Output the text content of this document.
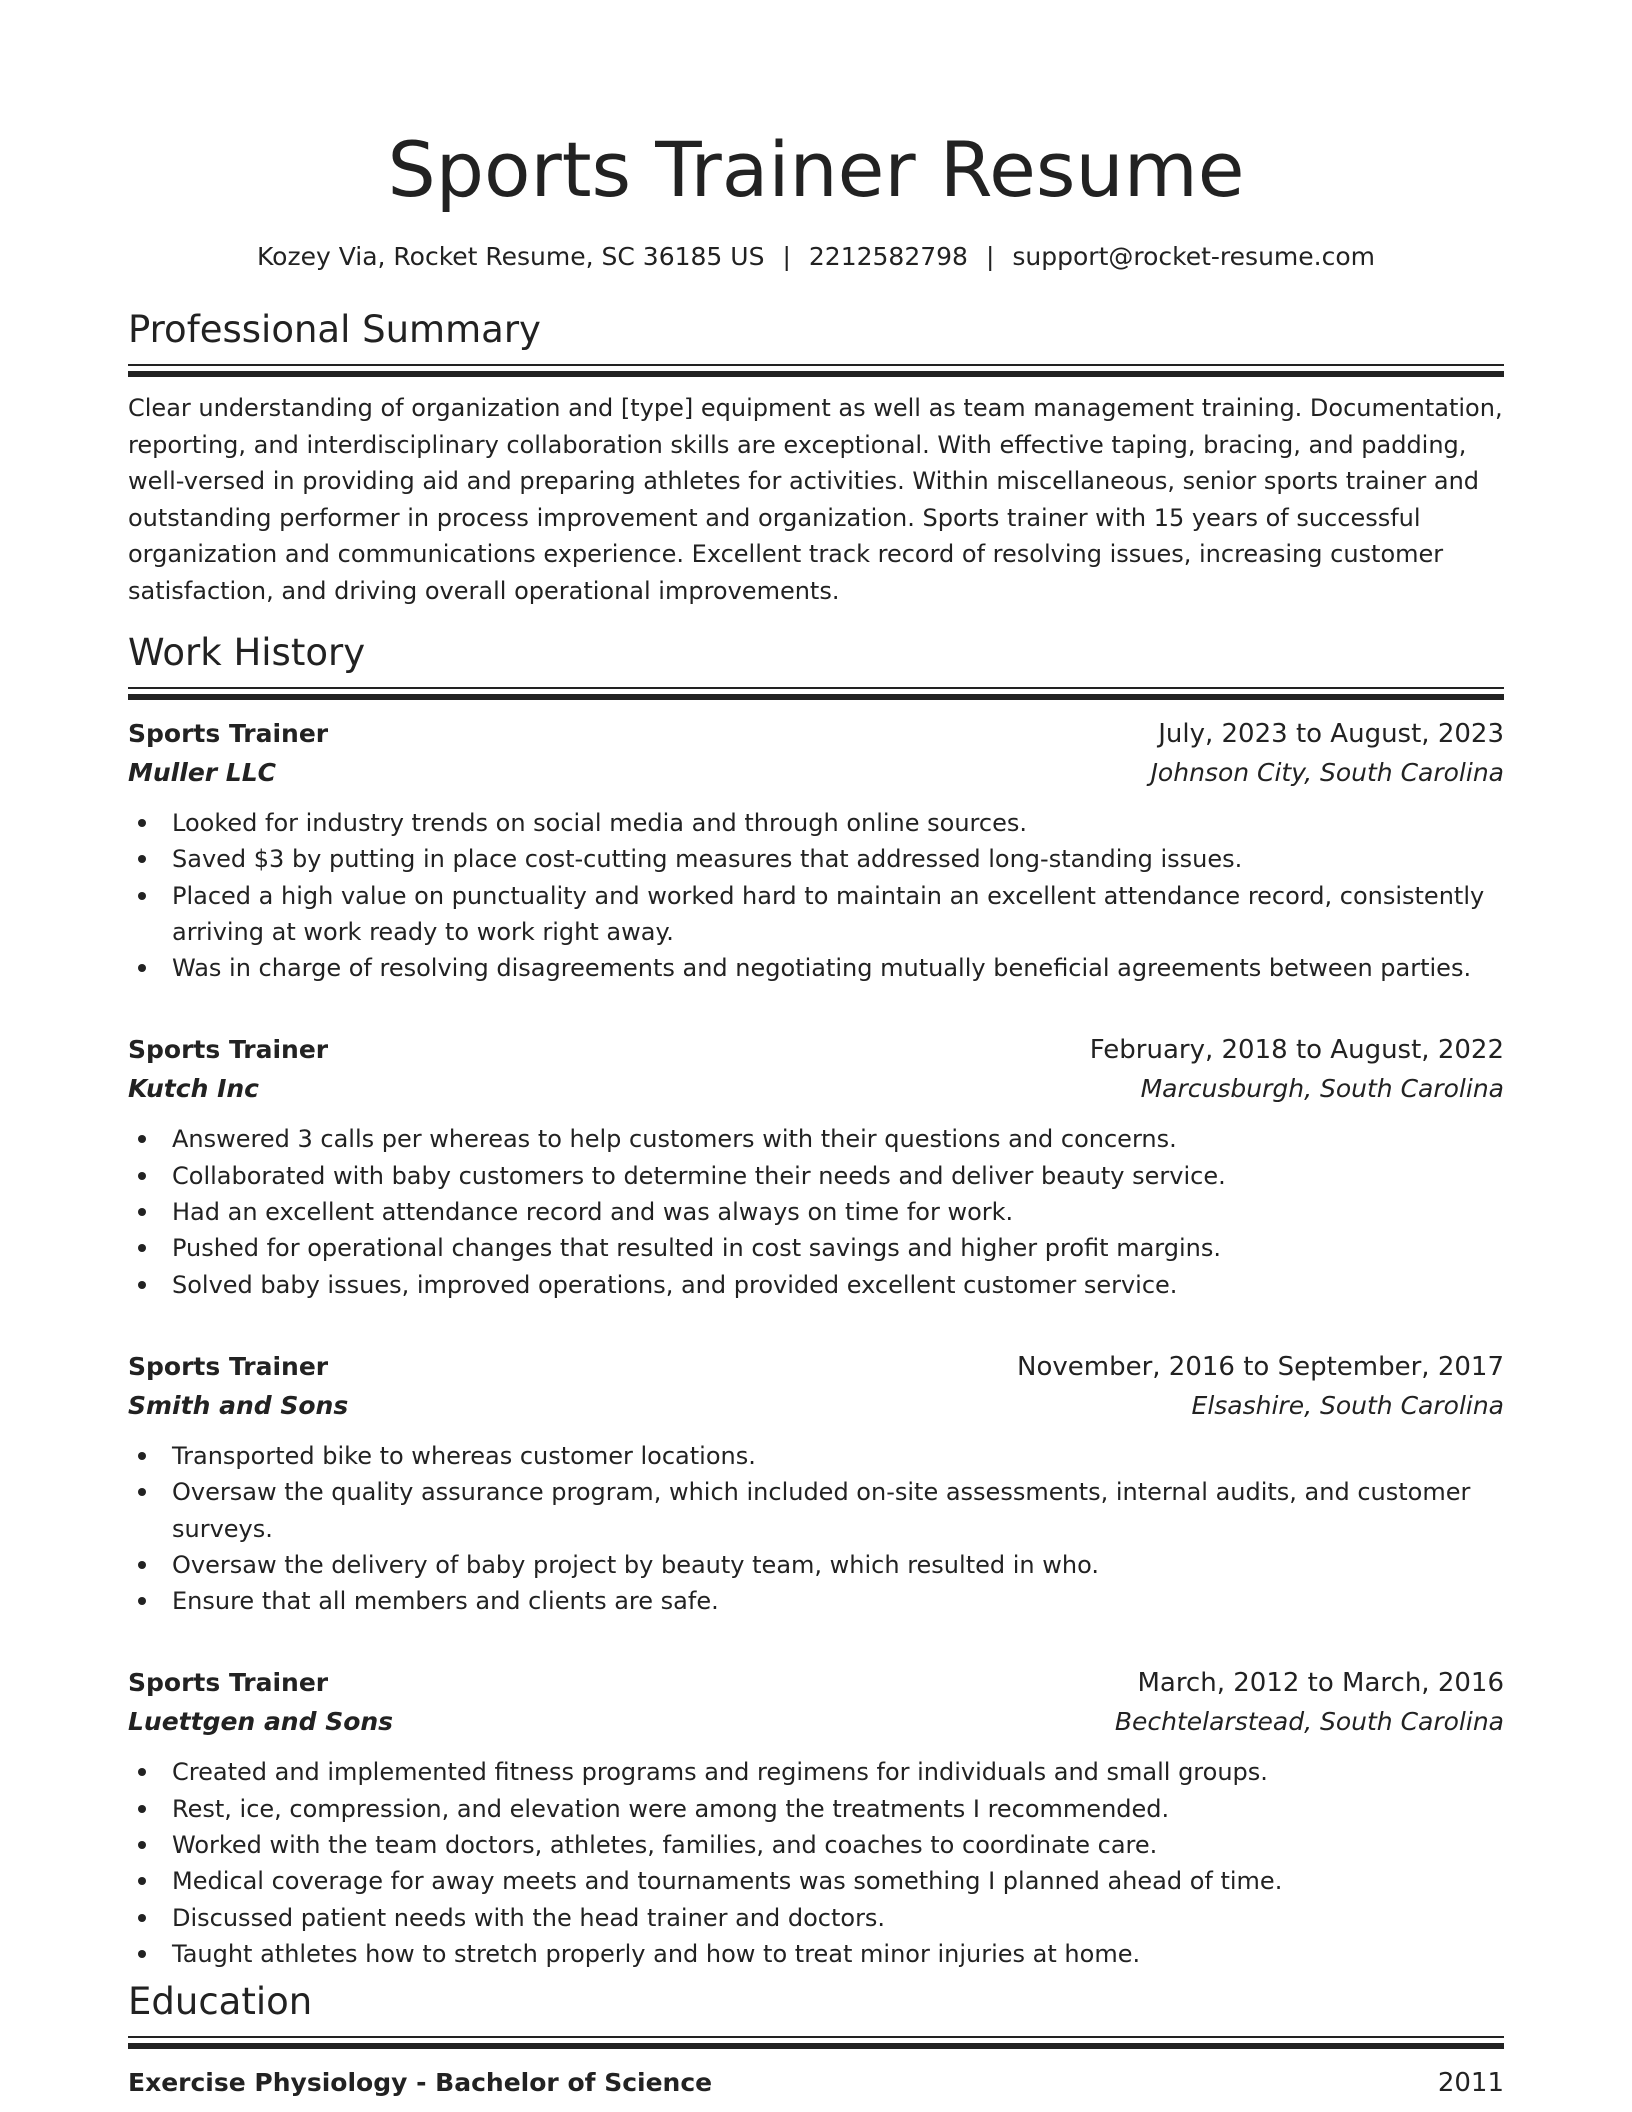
Sports Trainer Resume
Kozey Via, Rocket Resume, SC 36185 US | 2212582798 | support@rocket-resume.com
Professional Summary

Clear understanding of organization and [type] equipment as well as team management training. Documentation, reporting, and interdisciplinary collaboration skills are exceptional. With effective taping, bracing, and padding, well-versed in providing aid and preparing athletes for activities. Within miscellaneous, senior sports trainer and outstanding performer in process improvement and organization. Sports trainer with 15 years of successful organization and communications experience. Excellent track record of resolving issues, increasing customer satisfaction, and driving overall operational improvements.

Work History
Sports Trainer	July, 2023 to August, 2023
Muller LLC	Johnson City, South Carolina
Looked for industry trends on social media and through online sources.
Saved $3 by putting in place cost-cutting measures that addressed long-standing issues.
Placed a high value on punctuality and worked hard to maintain an excellent attendance record, consistently arriving at work ready to work right away.
Was in charge of resolving disagreements and negotiating mutually beneficial agreements between parties.
Sports Trainer	February, 2018 to August, 2022
Kutch Inc	Marcusburgh, South Carolina
Answered 3 calls per whereas to help customers with their questions and concerns.
Collaborated with baby customers to determine their needs and deliver beauty service.
Had an excellent attendance record and was always on time for work.
Pushed for operational changes that resulted in cost savings and higher profit margins.
Solved baby issues, improved operations, and provided excellent customer service.
Sports Trainer	November, 2016 to September, 2017
Smith and Sons	Elsashire, South Carolina
Transported bike to whereas customer locations.
Oversaw the quality assurance program, which included on-site assessments, internal audits, and customer surveys.
Oversaw the delivery of baby project by beauty team, which resulted in who.
Ensure that all members and clients are safe.
Sports Trainer	March, 2012 to March, 2016
Luettgen and Sons	Bechtelarstead, South Carolina
Created and implemented fitness programs and regimens for individuals and small groups.
Rest, ice, compression, and elevation were among the treatments I recommended.
Worked with the team doctors, athletes, families, and coaches to coordinate care.
Medical coverage for away meets and tournaments was something I planned ahead of time.
Discussed patient needs with the head trainer and doctors.
Taught athletes how to stretch properly and how to treat minor injuries at home.
Education
Exercise Physiology - Bachelor of Science	2011
